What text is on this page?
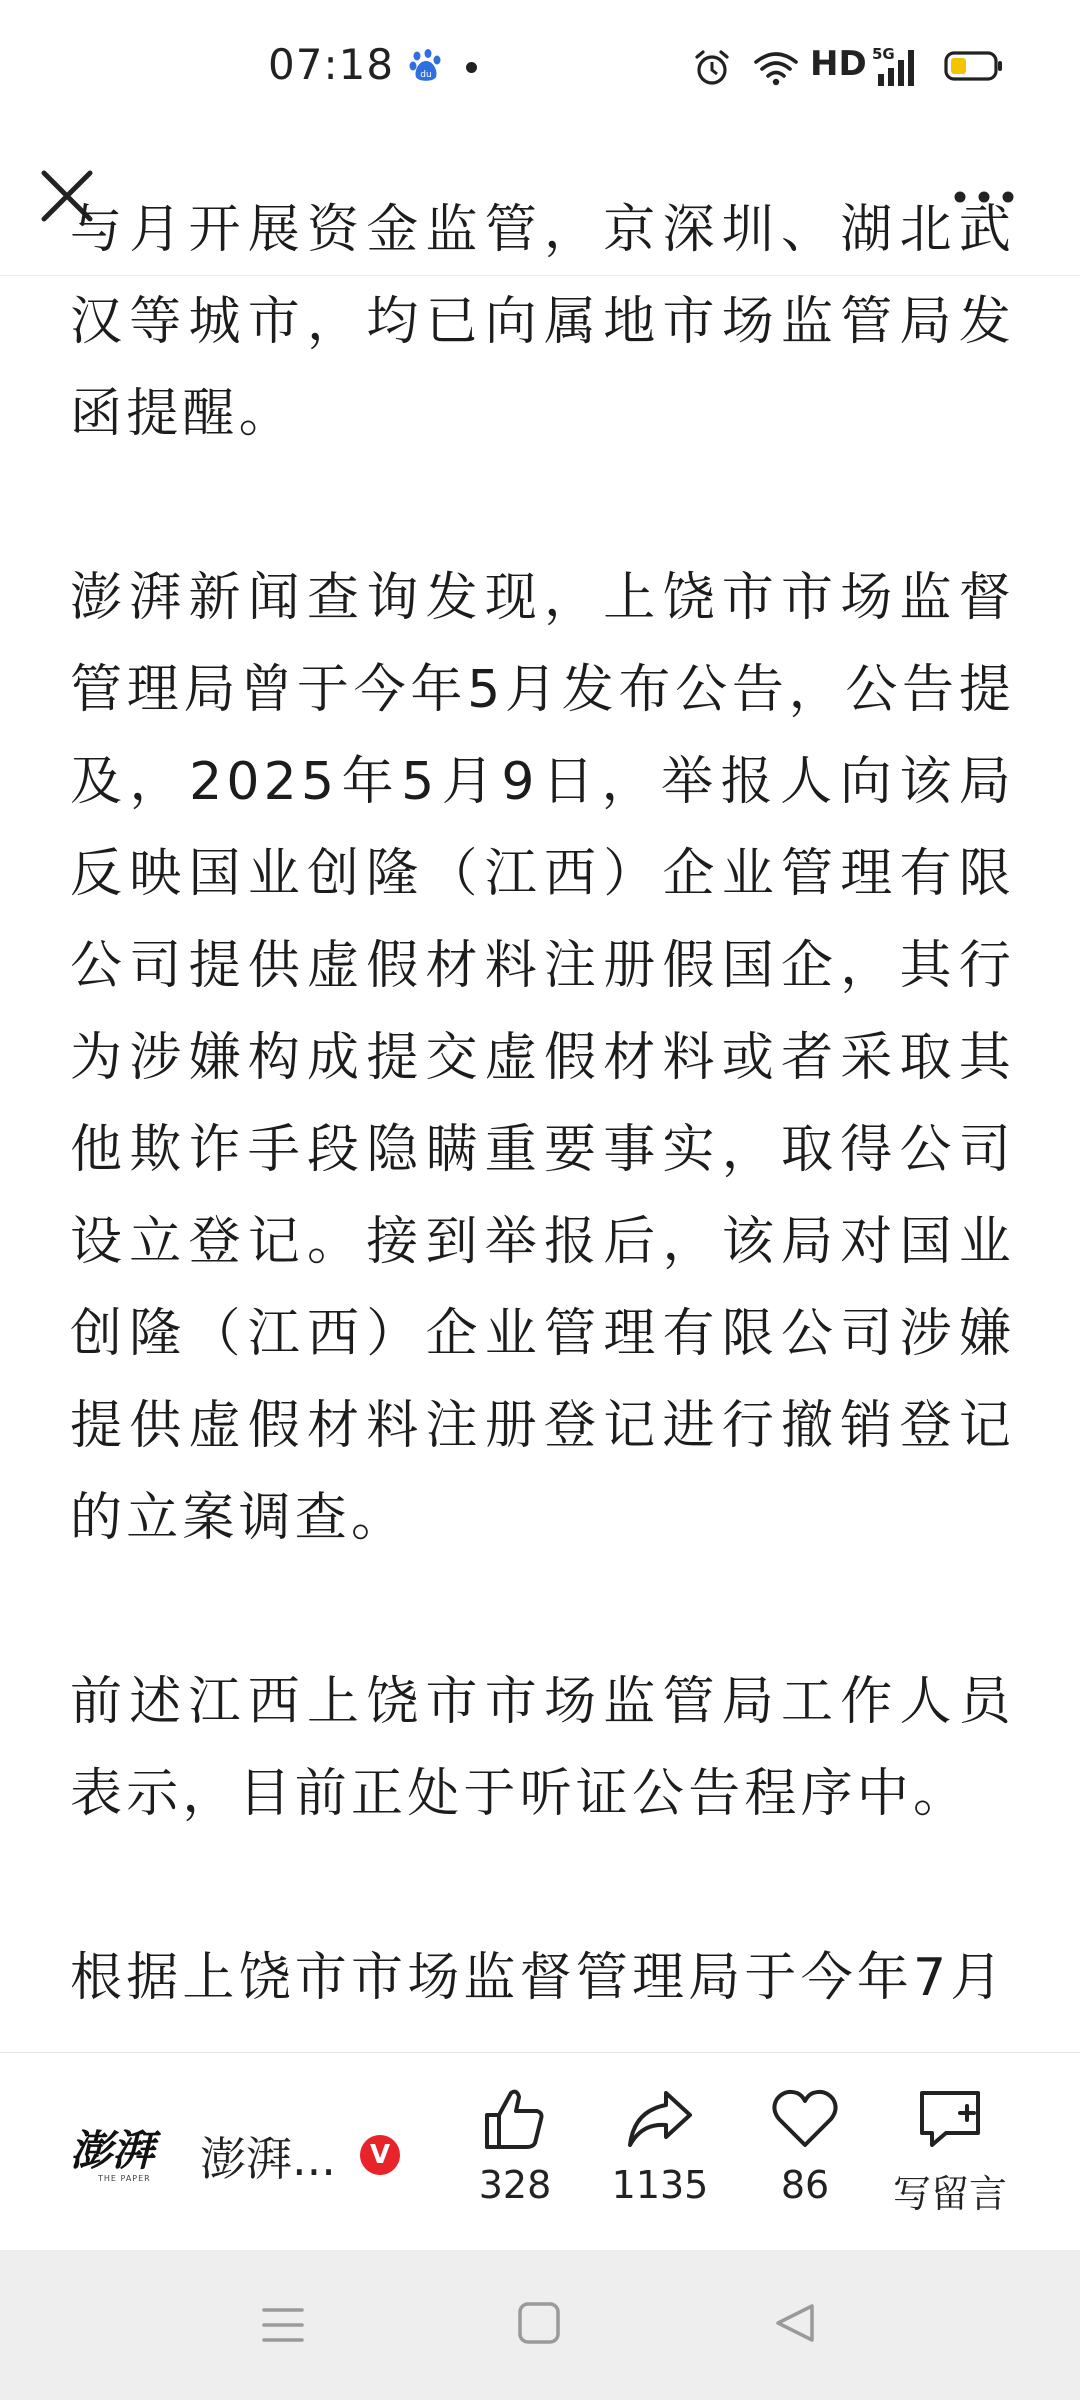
07:18	du	HD 5G

与月开展资金监管，京深圳、湖北武汉等城市，均已向属地市场监管局发函提醒。

澎湃新闻查询发现，上饶市市场监督管理局曾于今年5月发布公告，公告提及，2025年5月9日，举报人向该局反映国业创隆（江西）企业管理有限公司提供虚假材料注册假国企，其行为涉嫌构成提交虚假材料或者采取其他欺诈手段隐瞒重要事实，取得公司设立登记。接到举报后，该局对国业创隆（江西）企业管理有限公司涉嫌提供虚假材料注册登记进行撤销登记的立案调查。

前述江西上饶市市场监管局工作人员表示，目前正处于听证公告程序中。

根据上饶市市场监督管理局于今年7月

澎湃
THE PAPER 澎湃...	V
328	1135	86	写留言
